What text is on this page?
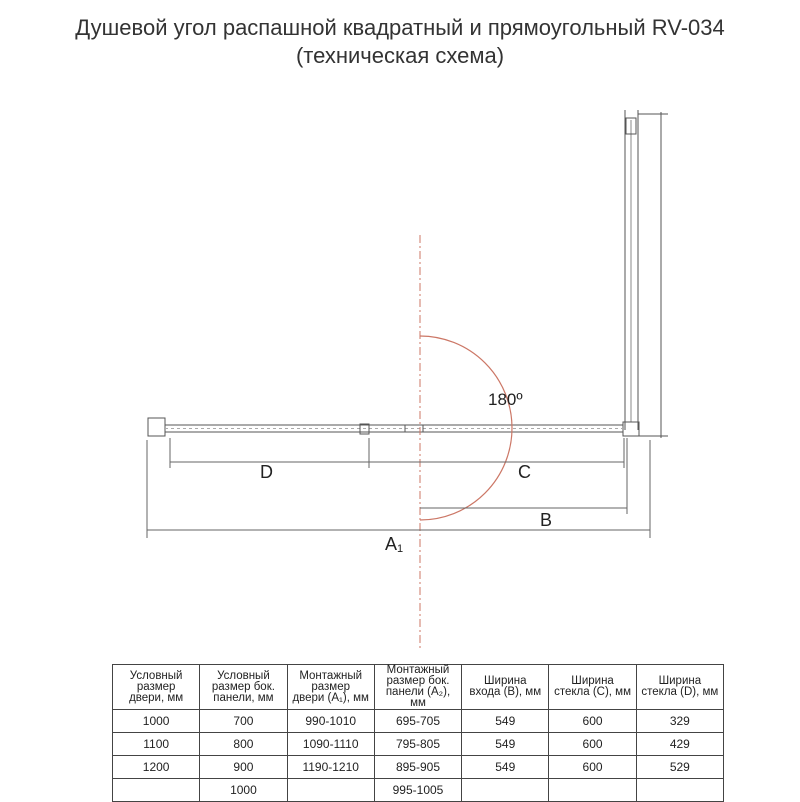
Душевой угол распашной квадратный и прямоугольный RV-034
(техническая схема)
180º
D	C
B
A1
Условный
размер
двери, мм	Условный
размер бок.
панели, мм	Монтажный
размер
двери (A₁), мм	Монтажный
размер бок.
панели (A₂), мм	Ширина
входа (B), мм	Ширина
стекла (C), мм	Ширина
стекла (D), мм

1000	700	990-1010	695-705	549	600	329
1100	800	1090-1110	795-805	549	600	429
1200	900	1190-1210	895-905	549	600	529
	1000		995-1005			
